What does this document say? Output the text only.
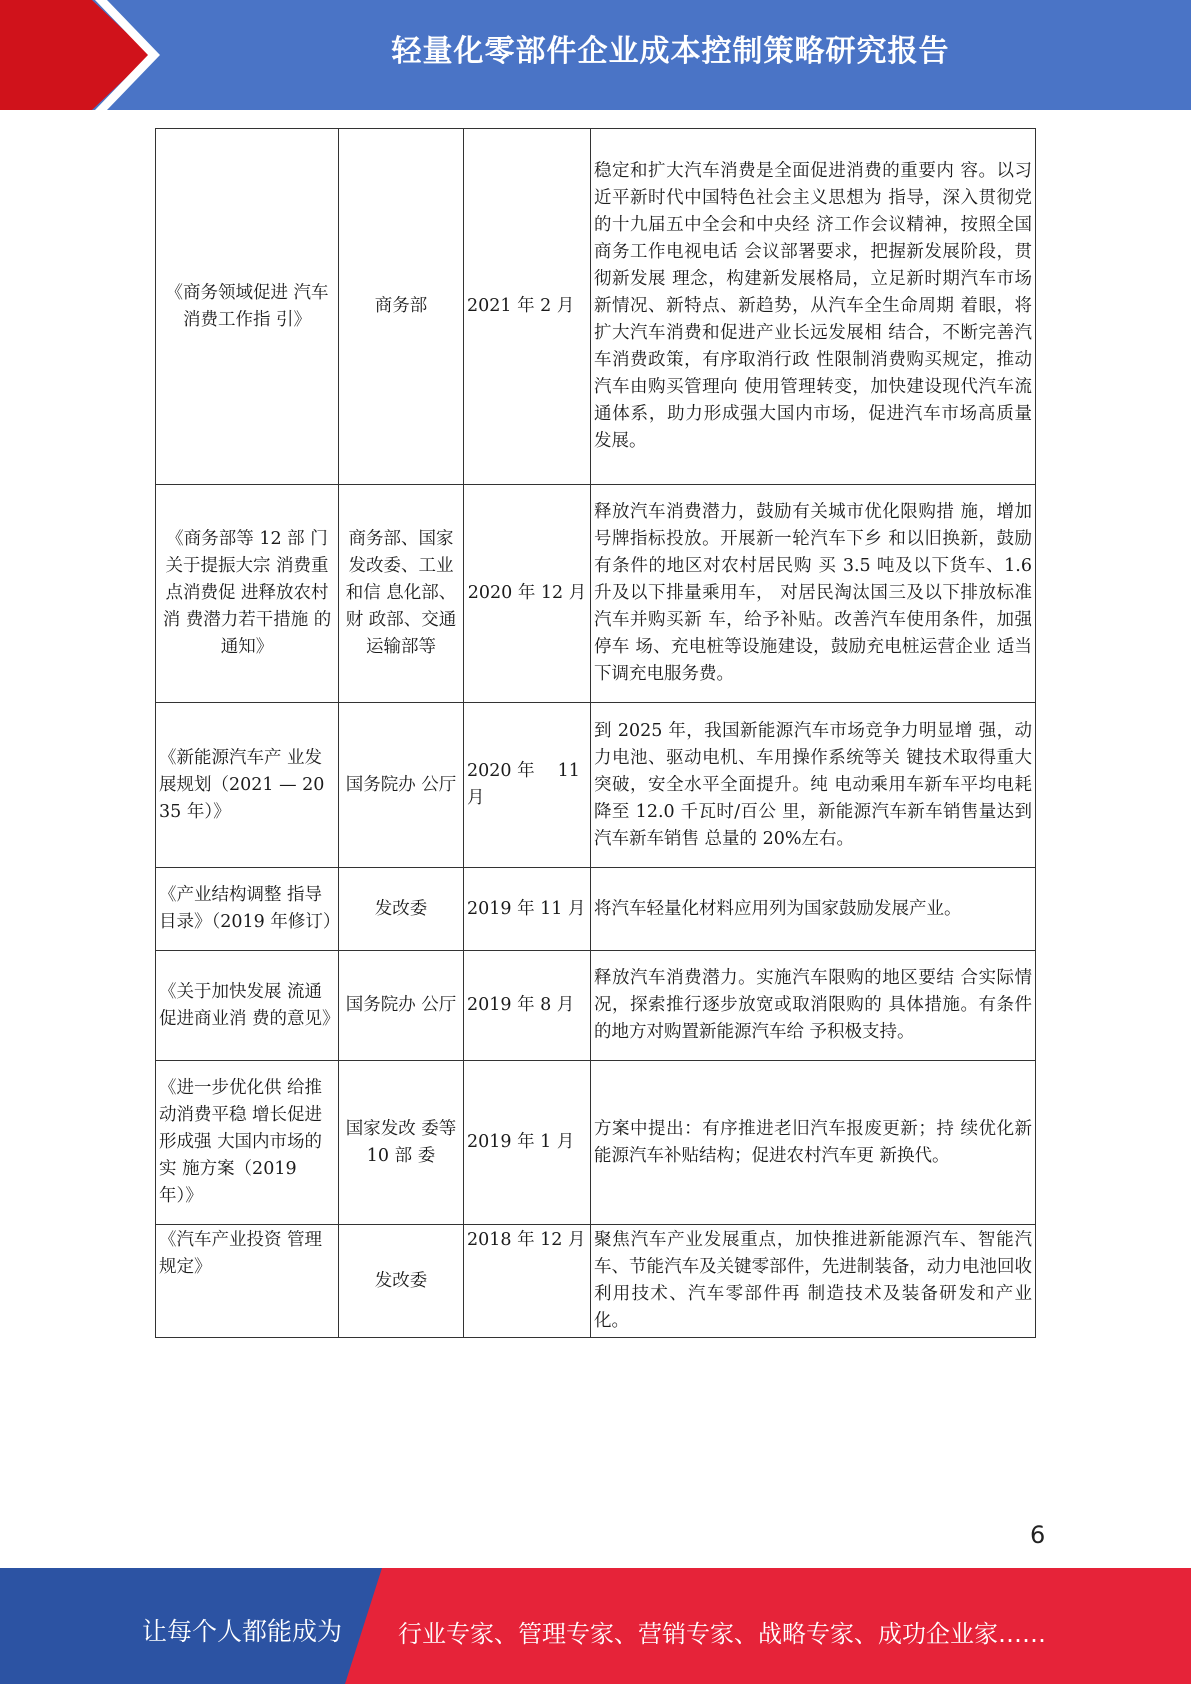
轻量化零部件企业成本控制策略研究报告
《商务领域促进 汽车消费工作指 引》	商务部	2021 年 2 月	稳定和扩大汽车消费是全面促进消费的重要内 容。以习近平新时代中国特色社会主义思想为 指导，深入贯彻党的十九届五中全会和中央经 济工作会议精神，按照全国商务工作电视电话 会议部署要求，把握新发展阶段，贯彻新发展 理念，构建新发展格局，立足新时期汽车市场 新情况、新特点、新趋势，从汽车全生命周期 着眼，将扩大汽车消费和促进产业长远发展相 结合，不断完善汽车消费政策，有序取消行政 性限制消费购买规定，推动汽车由购买管理向 使用管理转变，加快建设现代汽车流通体系，助力形成强大国内市场，促进汽车市场高质量 发展。
《商务部等 12 部 门关于提振大宗 消费重点消费促 进释放农村消 费潜力若干措施 的通知》	商务部、国家发改委、工业和信 息化部、财 政部、交通 运输部等	2020 年 12 月	释放汽车消费潜力，鼓励有关城市优化限购措 施，增加号牌指标投放。开展新一轮汽车下乡 和以旧换新，鼓励有条件的地区对农村居民购 买 3.5 吨及以下货车、1.6 升及以下排量乘用车， 对居民淘汰国三及以下排放标准汽车并购买新 车，给予补贴。改善汽车使用条件，加强停车 场、充电桩等设施建设，鼓励充电桩运营企业 适当下调充电服务费。
《新能源汽车产 业发展规划（2021 — 2035 年）》	国务院办 公厅	2020 年　 11 月	到 2025 年，我国新能源汽车市场竞争力明显增 强，动力电池、驱动电机、车用操作系统等关 键技术取得重大突破，安全水平全面提升。纯 电动乘用车新车平均电耗降至 12.0 千瓦时/百公 里，新能源汽车新车销售量达到汽车新车销售 总量的 20%左右。
《产业结构调整 指导目录》（2019 年修订）	发改委	2019 年 11 月	将汽车轻量化材料应用列为国家鼓励发展产业。
《关于加快发展 流通促进商业消 费的意见》	国务院办 公厅	2019 年 8 月	释放汽车消费潜力。实施汽车限购的地区要结 合实际情况，探索推行逐步放宽或取消限购的 具体措施。有条件的地方对购置新能源汽车给 予积极支持。
《进一步优化供 给推动消费平稳 增长促进形成强 大国内市场的实 施方案（2019 年）》	国家发改 委等 10 部 委	2019 年 1 月	方案中提出：有序推进老旧汽车报废更新；持 续优化新能源汽车补贴结构；促进农村汽车更 新换代。
《汽车产业投资 管理规定》	发改委	2018 年 12 月	聚焦汽车产业发展重点，加快推进新能源汽车、智能汽车、节能汽车及关键零部件，先进制装备，动力电池回收利用技术、汽车零部件再 制造技术及装备研发和产业化。
6
让每个人都能成为 行业专家、管理专家、营销专家、战略专家、成功企业家……
